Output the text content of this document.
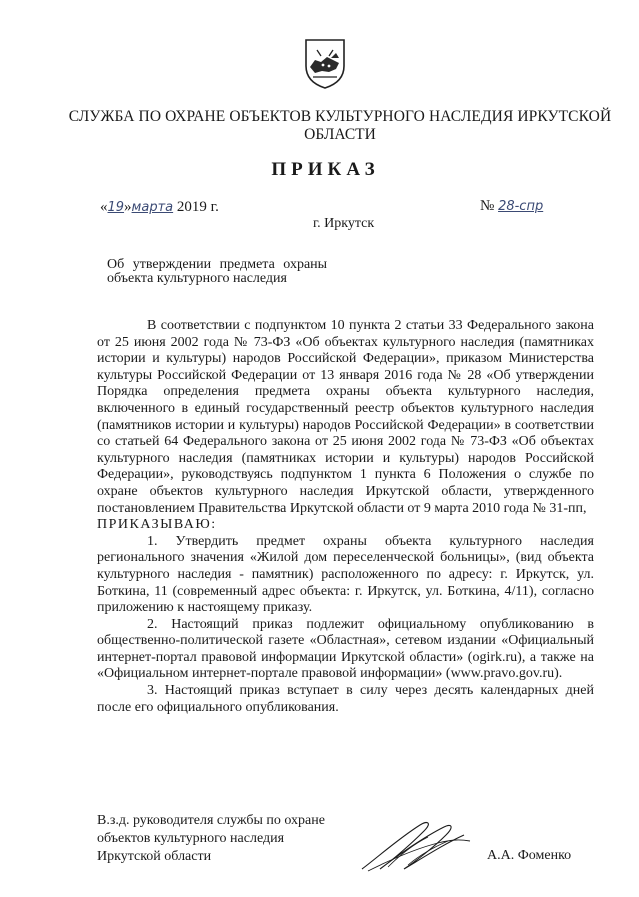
СЛУЖБА ПО ОХРАНЕ ОБЪЕКТОВ КУЛЬТУРНОГО НАСЛЕДИЯ ИРКУТСКОЙ
ОБЛАСТИ
ПРИКАЗ
«19»марта 2019 г.
г. Иркутск
№ 28-спр
Об утверждении предмета охраны
объекта культурного наследия

В соответствии с подпунктом 10 пункта 2 статьи 33 Федерального закона от 25 июня 2002 года № 73-ФЗ «Об объектах культурного наследия (памятниках истории и культуры) народов Российской Федерации», приказом Министерства культуры Российской Федерации от 13 января 2016 года № 28 «Об утверждении Порядка определения предмета охраны объекта культурного наследия, включенного в единый государственный реестр объектов культурного наследия (памятников истории и культуры) народов Российской Федерации» в соответствии со статьей 64 Федерального закона от 25 июня 2002 года № 73-ФЗ «Об объектах культурного наследия (памятниках истории и культуры) народов Российской Федерации», руководствуясь подпунктом 1 пункта 6 Положения о службе по охране объектов культурного наследия Иркутской области, утвержденного постановлением Правительства Иркутской области от 9 марта 2010 года № 31-пп,

ПРИКАЗЫВАЮ:

1. Утвердить предмет охраны объекта культурного наследия регионального значения «Жилой дом переселенческой больницы», (вид объекта культурного наследия - памятник) расположенного по адресу: г. Иркутск, ул. Боткина, 11 (современный адрес объекта: г. Иркутск, ул. Боткина, 4/11), согласно приложению к настоящему приказу.

2. Настоящий приказ подлежит официальному опубликованию в общественно-политической газете «Областная», сетевом издании «Официальный интернет-портал правовой информации Иркутской области» (ogirk.ru), а также на «Официальном интернет-портале правовой информации» (www.pravo.gov.ru).

3. Настоящий приказ вступает в силу через десять календарных дней после его официального опубликования.

В.з.д. руководителя службы по охране
объектов культурного наследия
Иркутской области	А.А. Фоменко
